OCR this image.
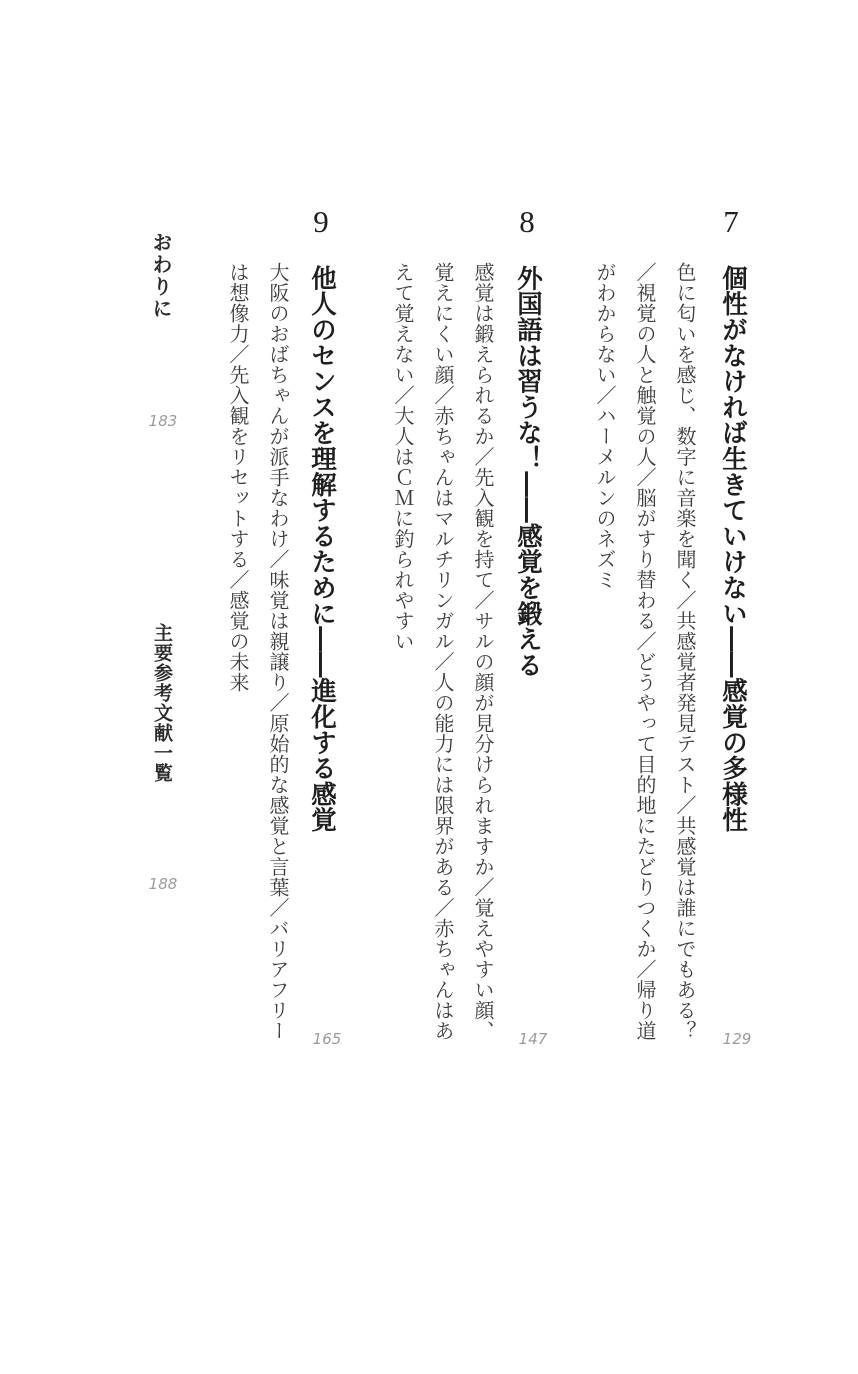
7
個性がなければ生きていけない――感覚の多様性
色に匂いを感じ、数字に音楽を聞く／共感覚者発見テスト／共感覚は誰にでもある？／視覚の人と触覚の人／脳がすり替わる／どうやって目的地にたどりつくか／帰り道がわからない／ハーメルンのネズミ
129
8
外国語は習うな！――感覚を鍛える
感覚は鍛えられるか／先入観を持て／サルの顔が見分けられますか／覚えやすい顔、覚えにくい顔／赤ちゃんはマルチリンガル／人の能力には限界がある／赤ちゃんはあえて覚えない／大人はＣＭに釣られやすい
147
9
他人のセンスを理解するために――進化する感覚
大阪のおばちゃんが派手なわけ／味覚は親譲り／原始的な感覚と言葉／バリアフリーは想像力／先入観をリセットする／感覚の未来
165
おわりに
183
主要参考文献一覧
188
